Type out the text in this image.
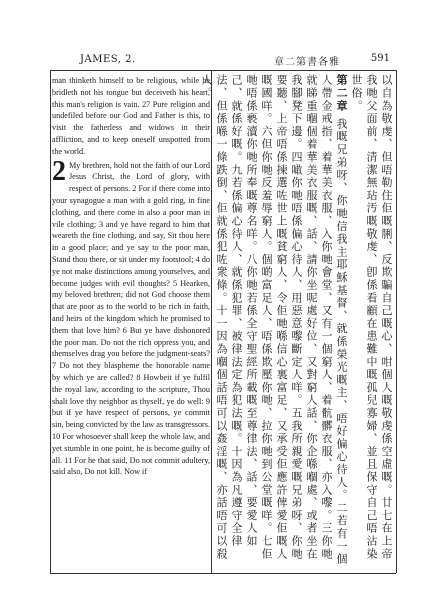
JAMES, 2.	章二第書各雅	591

man thinketh himself to be religious, while he bridleth not his tongue but deceiveth his heart, this man's religion is vain. 27 Pure religion and undefiled before our God and Father is this, to visit the fatherless and widows in their affliction, and to keep oneself unspotted from the world.

2 My brethren, hold not the faith of our Lord Jesus Christ, the Lord of glory, with respect of persons. 2 For if there come into your synagogue a man with a gold ring, in fine clothing, and there come in also a poor man in vile clothing; 3 and ye have regard to him that weareth the fine clothing, and say, Sit thou here in a good place; and ye say to the poor man, Stand thou there, or sit under my footstool; 4 do ye not make distinctions among yourselves, and become judges with evil thoughts? 5 Hearken, my beloved brethren; did not God choose them that are poor as to the world to be rich in faith, and heirs of the kingdom which he promised to them that love him? 6 But ye have dishonored the poor man. Do not the rich oppress you, and themselves drag you before the judgment-seats? 7 Do not they blaspheme the honorable name by which ye are called? 8 Howbeit if ye fulfil the royal law, according to the scripture, Thou shalt love thy neighbor as thyself, ye do well: 9 but if ye have respect of persons, ye commit sin, being convicted by the law as transgressors. 10 For whosoever shall keep the whole law, and yet stumble in one point, he is become guilty of all. 11 For he that said, Do not commit adultery, said also, Do not kill. Now if	以自為敬虔、但唔勒住佢嘅脷、反欺騙自己嘅心、咁個人嘅敬虔係空虛嘅。廿七在上帝我哋父面前、清潔無玷汚嘅敬虔、卽係看顧在患難中嘅孤兒寡婦、並且保守自己唔沾染世俗。

第二章 我嘅兄弟呀、你哋信我主耶穌基督、就係榮光嘅主、唔好偏心待人。二若有一個人帶金戒指、着華美衣服、入你哋會堂、又有一個窮人、着骯髒衣服、亦入嚟。三你哋就睇重嗰個着華美衣服嘅、話、請你坐呢處好位、又對窮人話、你企喺嗰處、或者坐在我腳凳下邊。四噉你哋唔係偏心待人、用惡意嚟斷定人咩。五我所親愛嘅兄弟呀、你哋要聽、上帝唔係揀選咗世上嘅貧窮人、令佢哋喺信心裏富足、又承受佢應許俾愛佢嘅人嘅國咩。六但你哋反羞辱窮人。個啲富足人、唔係欺壓你哋、拉你哋到公堂嘅咩。七佢哋唔係褻瀆你哋所奉嘅尊名咩。八你哋若係全守聖經所載嘅至尊律法、話、要愛人如己、就係好嘅。九若係偏心待人、就係犯罪、被律法定為犯法嘅。十因為凡遵守全律法、但係喺一條跌倒、佢就係犯咗衆條。十一因為嗰個話唔可以姦淫嘅、亦話唔可以殺人。
